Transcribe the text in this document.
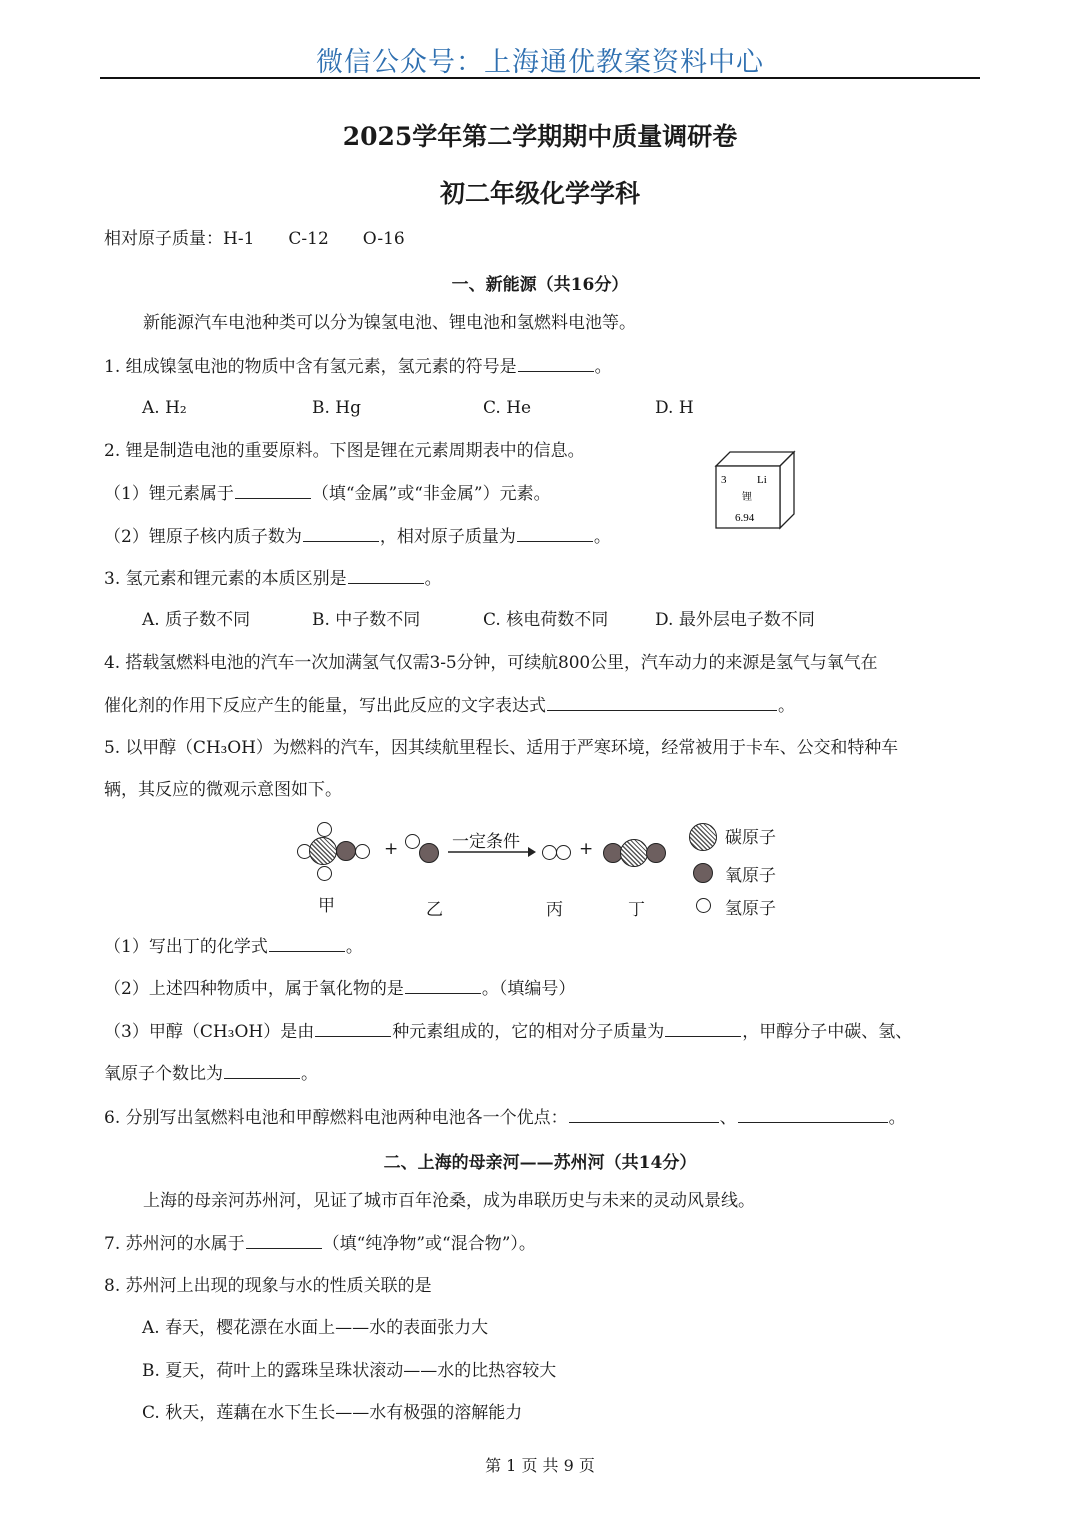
微信公众号：上海通优教案资料中心
2025学年第二学期期中质量调研卷
初二年级化学学科
相对原子质量：H-1　　C-12　　O-16
一、新能源（共16分）
新能源汽车电池种类可以分为镍氢电池、锂电池和氢燃料电池等。
1. 组成镍氢电池的物质中含有氢元素，氢元素的符号是	。
A. H₂	B. Hg	C. He	D. H
2. 锂是制造电池的重要原料。下图是锂在元素周期表中的信息。
（1）锂元素属于	（填“金属”或“非金属”）元素。
（2）锂原子核内质子数为	，相对原子质量为	。
3	Li
锂
6.94
3. 氢元素和锂元素的本质区别是	。
A. 质子数不同	B. 中子数不同	C. 核电荷数不同	D. 最外层电子数不同
4. 搭载氢燃料电池的汽车一次加满氢气仅需3-5分钟，可续航800公里，汽车动力的来源是氢气与氧气在
催化剂的作用下反应产生的能量，写出此反应的文字表达式	。
5. 以甲醇（CH₃OH）为燃料的汽车，因其续航里程长、适用于严寒环境，经常被用于卡车、公交和特种车
辆，其反应的微观示意图如下。
+	一定条件	+
甲	乙	丙	丁
碳原子
氧原子
氢原子
（1）写出丁的化学式	。
（2）上述四种物质中，属于氧化物的是	。（填编号）
（3）甲醇（CH₃OH）是由	种元素组成的，它的相对分子质量为	，甲醇分子中碳、氢、
氧原子个数比为	。
6. 分别写出氢燃料电池和甲醇燃料电池两种电池各一个优点：	、	。
二、上海的母亲河——苏州河（共14分）
上海的母亲河苏州河，见证了城市百年沧桑，成为串联历史与未来的灵动风景线。
7. 苏州河的水属于	（填“纯净物”或“混合物”）。
8. 苏州河上出现的现象与水的性质关联的是
A. 春天，樱花漂在水面上——水的表面张力大
B. 夏天，荷叶上的露珠呈珠状滚动——水的比热容较大
C. 秋天，莲藕在水下生长——水有极强的溶解能力
第 1 页 共 9 页
